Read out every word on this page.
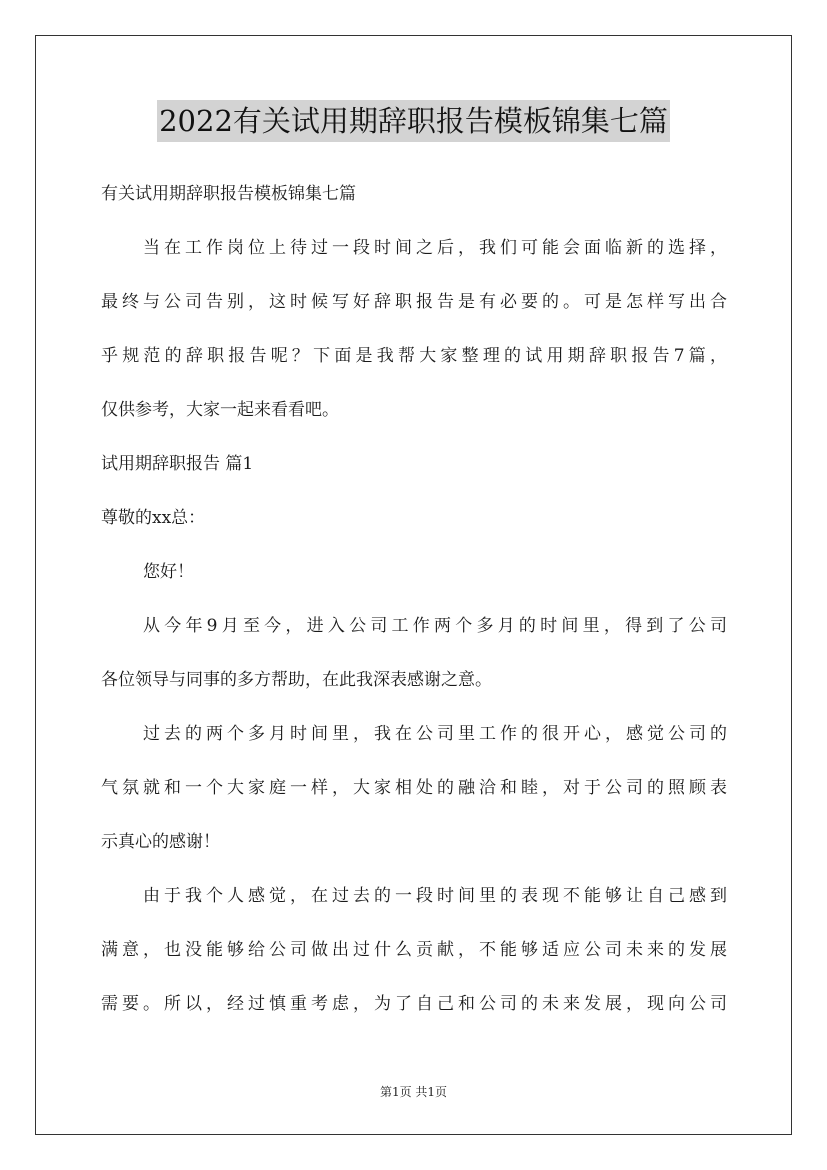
2022有关试用期辞职报告模板锦集七篇
有关试用期辞职报告模板锦集七篇
当在工作岗位上待过一段时间之后，我们可能会面临新的选择，
最终与公司告别，这时候写好辞职报告是有必要的。可是怎样写出合
乎规范的辞职报告呢？下面是我帮大家整理的试用期辞职报告7篇，
仅供参考，大家一起来看看吧。
试用期辞职报告 篇1
尊敬的xx总：
您好！
从今年9月至今，进入公司工作两个多月的时间里，得到了公司
各位领导与同事的多方帮助，在此我深表感谢之意。
过去的两个多月时间里，我在公司里工作的很开心，感觉公司的
气氛就和一个大家庭一样，大家相处的融洽和睦，对于公司的照顾表
示真心的感谢！
由于我个人感觉，在过去的一段时间里的表现不能够让自己感到
满意，也没能够给公司做出过什么贡献，不能够适应公司未来的发展
需要。所以，经过慎重考虑，为了自己和公司的未来发展，现向公司
第1页 共1页
